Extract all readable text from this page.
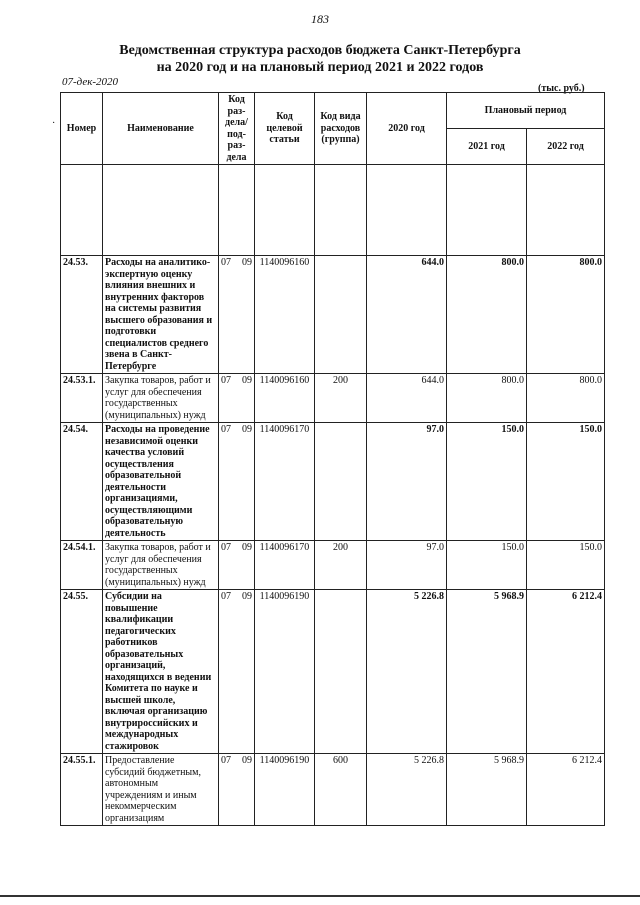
183
Ведомственная структура расходов бюджета Санкт-Петербурга
на 2020 год и на плановый период 2021 и 2022 годов
07-дек-2020
(тыс. руб.)
· Номер	Наименование	Код раз- дела/ под- раз- дела	Код целевой статьи	Код вида расходов (группа)	2020 год	Плановый период	
						2021 год	2022 год

24.53.	Расходы на аналитико-экспертную оценку влияния внешних и внутренних факторов на системы развития высшего образования и подготовки специалистов среднего звена в Санкт-Петербурге	07 09	1140096160		644.0	800.0	800.0
24.53.1.	Закупка товаров, работ и услуг для обеспечения государственных (муниципальных) нужд	07 09	1140096160	200	644.0	800.0	800.0
24.54.	Расходы на проведение независимой оценки качества условий осуществления образовательной деятельности организациями, осуществляющими образовательную деятельность	07 09	1140096170		97.0	150.0	150.0
24.54.1.	Закупка товаров, работ и услуг для обеспечения государственных (муниципальных) нужд	07 09	1140096170	200	97.0	150.0	150.0
24.55.	Субсидии на повышение квалификации педагогических работников образовательных организаций, находящихся в ведении Комитета по науке и высшей школе, включая организацию внутрироссийских и международных стажировок	07 09	1140096190		5 226.8	5 968.9	6 212.4
24.55.1.	Предоставление субсидий бюджетным, автономным учреждениям и иным некоммерческим организациям	07 09	1140096190	600	5 226.8	5 968.9	6 212.4
